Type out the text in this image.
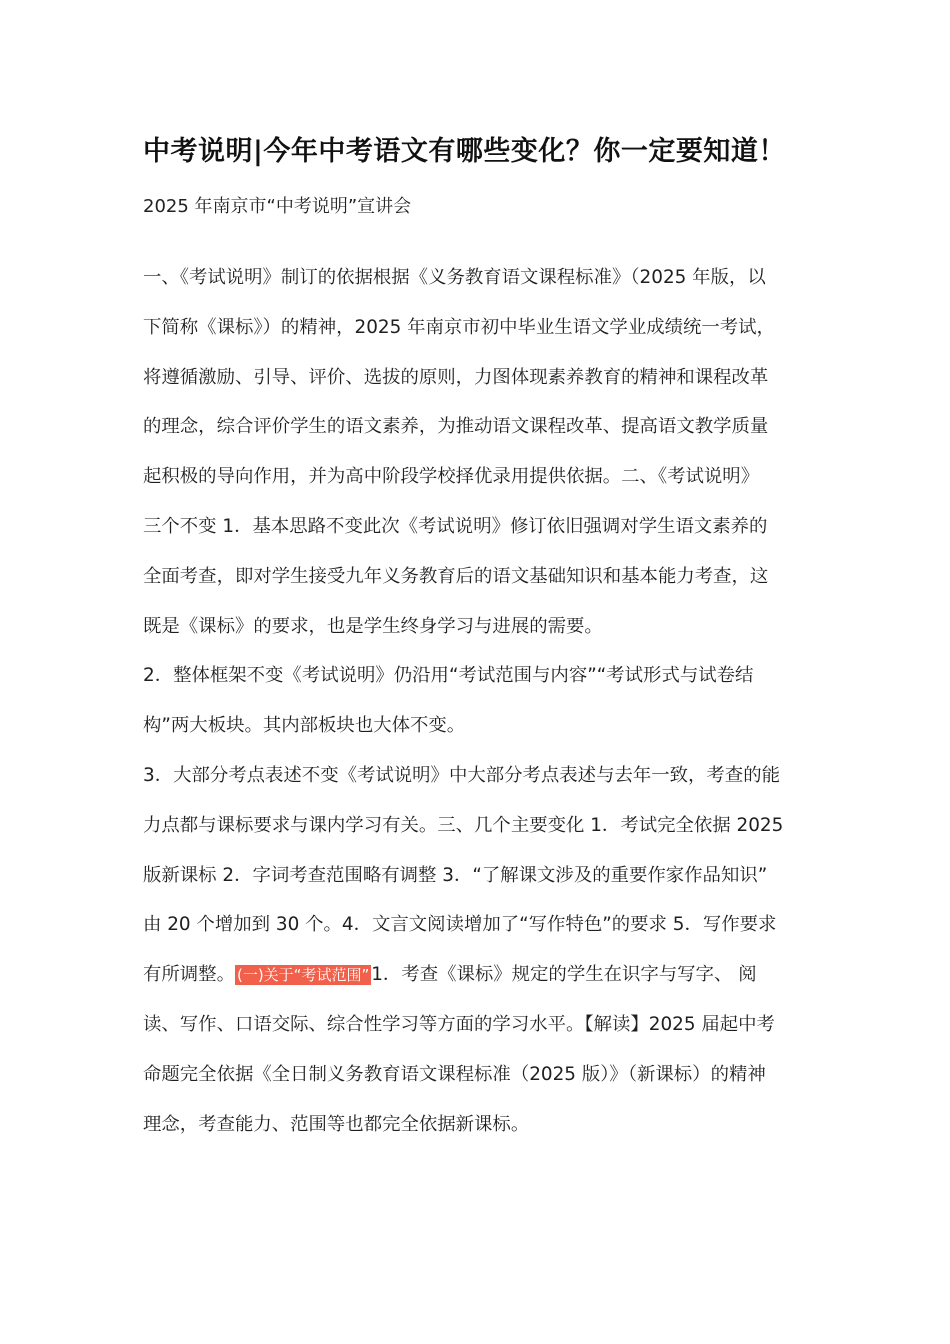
中考说明|今年中考语文有哪些变化？你一定要知道！

2025 年南京市“中考说明”宣讲会

一、《考试说明》制订的依据根据《义务教育语文课程标准》（2025 年版，以
下简称《课标》）的精神，2025 年南京市初中毕业生语文学业成绩统一考试，
将遵循激励、引导、评价、选拔的原则，力图体现素养教育的精神和课程改革
的理念，综合评价学生的语文素养，为推动语文课程改革、提高语文教学质量
起积极的导向作用，并为高中阶段学校择优录用提供依据。二、《考试说明》
三个不变 1．基本思路不变此次《考试说明》修订依旧强调对学生语文素养的
全面考查，即对学生接受九年义务教育后的语文基础知识和基本能力考查，这
既是《课标》的要求，也是学生终身学习与进展的需要。
2．整体框架不变《考试说明》仍沿用“考试范围与内容”“考试形式与试卷结
构”两大板块。其内部板块也大体不变。
3．大部分考点表述不变《考试说明》中大部分考点表述与去年一致，考查的能
力点都与课标要求与课内学习有关。三、几个主要变化 1．考试完全依据 2025
版新课标 2．字词考查范围略有调整 3．“了解课文涉及的重要作家作品知识”
由 20 个增加到 30 个。4．文言文阅读增加了“写作特色”的要求 5．写作要求
有所调整。 (一)关于“考试范围” 1．考查《课标》规定的学生在识字与写字、 阅
读、写作、口语交际、综合性学习等方面的学习水平。【解读】2025 届起中考
命题完全依据《全日制义务教育语文课程标准（2025 版）》（新课标）的精神
理念，考查能力、范围等也都完全依据新课标。
